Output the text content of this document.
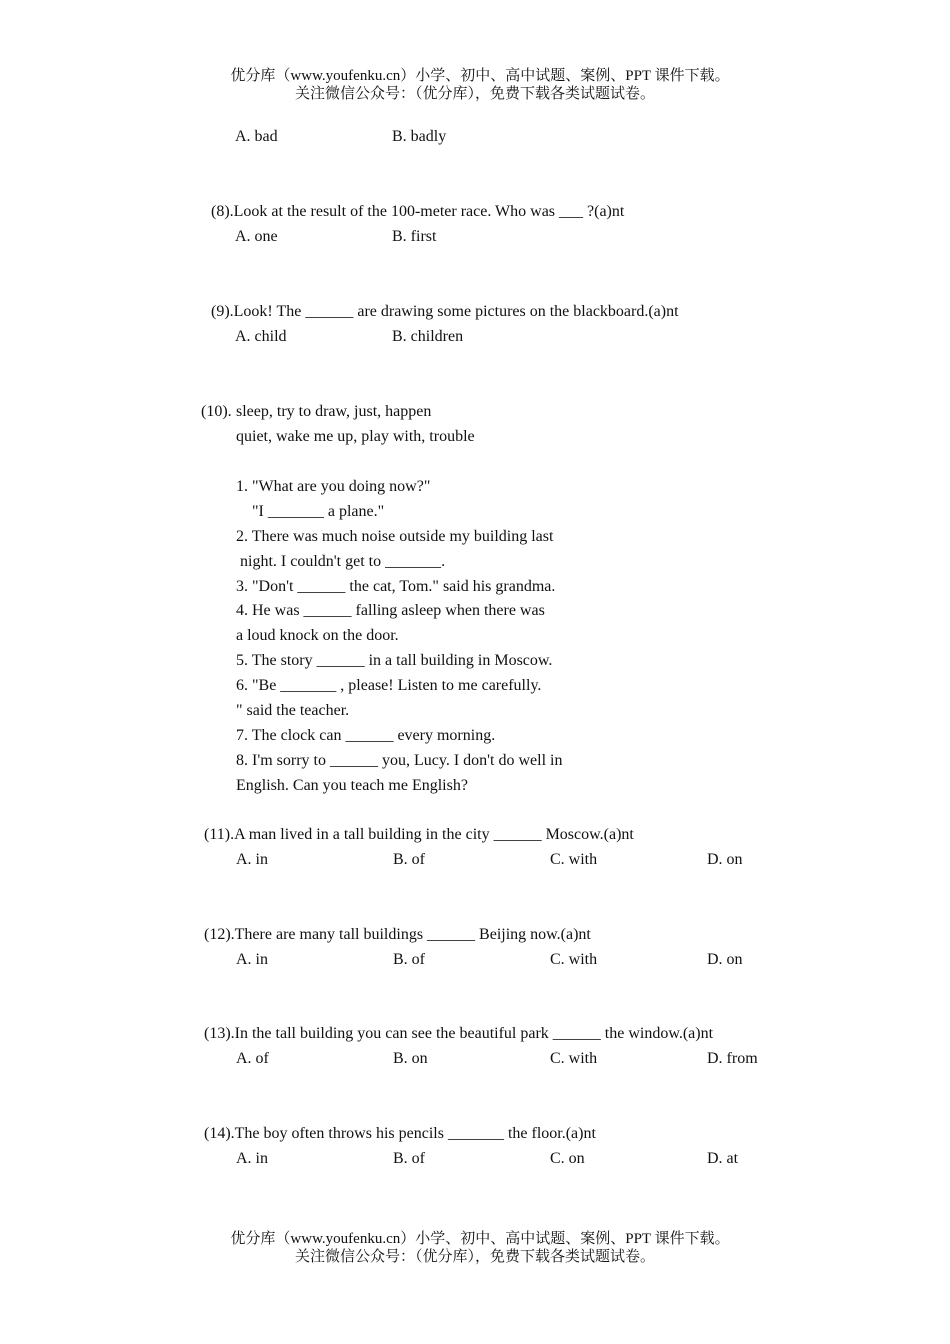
优分库（www.youfenku.cn）小学、初中、高中试题、案例、PPT 课件下载。
关注微信公众号：（优分库），免费下载各类试题试卷。
A. bad	B. badly
(8).Look at the result of the 100-meter race. Who was ___ ?(a)nt
A. one	B. first
(9).Look! The ______ are drawing some pictures on the blackboard.(a)nt
A. child	B. children
(10). sleep, try to draw, just, happen
quiet, wake me up, play with, trouble
1. "What are you doing now?"
"I _______ a plane."
2. There was much noise outside my building last
night. I couldn't get to _______.
3. "Don't ______ the cat, Tom." said his grandma.
4. He was ______ falling asleep when there was
a loud knock on the door.
5. The story ______ in a tall building in Moscow.
6. "Be _______ , please! Listen to me carefully.
" said the teacher.
7. The clock can ______ every morning.
8. I'm sorry to ______ you, Lucy. I don't do well in
English. Can you teach me English?
(11).A man lived in a tall building in the city ______ Moscow.(a)nt
A. in	B. of	C. with	D. on
(12).There are many tall buildings ______ Beijing now.(a)nt
A. in	B. of	C. with	D. on
(13).In the tall building you can see the beautiful park ______ the window.(a)nt
A. of	B. on	C. with	D. from
(14).The boy often throws his pencils _______ the floor.(a)nt
A. in	B. of	C. on	D. at
优分库（www.youfenku.cn）小学、初中、高中试题、案例、PPT 课件下载。
关注微信公众号：（优分库），免费下载各类试题试卷。
